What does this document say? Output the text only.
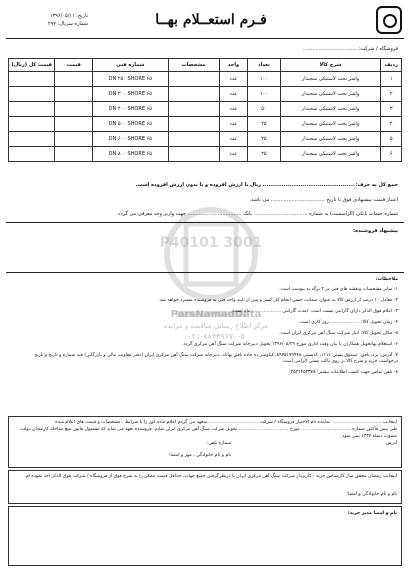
تاریخ: ۱۳۹۶/۰۵/۱۱
شماره سریال: ۲۹۷	فـرم استعــلام بهــا
فروشگاه / شرکت: ..................................
ردیف	شرح کالا	تعداد	واحد	مشخصات	شماره فنی	قیمت	قیمت کل (ریال)
۱	واشر تخت لاستیکی منجیدار	۱۰۰	عدد		DN ۲۵۰ SHORE ۶۵		
۲	واشر تخت لاستیکی منجیدار	۱۰۰	عدد		DN ۳۰۰ SHORE ۶۵		
۳	واشر تخت لاستیکی منجیدار	۵۰	عدد		DN ۴۰۰ SHORE ۶۵		
۴	واشر تخت لاستیکی منجیدار	۲۵	عدد		DN ۵۰۰ SHORE ۶۵		
۵	واشر تخت لاستیکی منجیدار	۲۵	عدد		DN ۶۰۰ SHORE ۶۵		
۶	واشر تخت لاستیکی منجیدار	۲۵	عدد		DN ۸۰۰ SHORE ۶۵		
جمع کل به حرف: ................................................ ریال با ارزش افزوده و یا بدون ارزش افزوده است.
اعتبار قیمت پیشنهادی فوق تا تاریخ .................................. می باشد.
شماره حساب بانکی (الزامیست) به شماره .................................. بانک .................................. جهت واریز وجه معرفی می گردد.
پیشنهاد فروشنده:
P40101 3001
ParsNamadData
مرکز اطلاع رسانی مناقصه و مزایده
۰۲۱-۸۸۳۴۹۶۷۰-۵
ملاحظات:
۱- سایر مشخصات ونقشه های فنی در ۲ برگه به پیوست است.
۲- معادل ۱۰ درصد از ارزش کالا به عنوان ضمانت حسن انجام کار کسر و پس از تایید واحد فنی به فروشنده مسترد خواهد شد.
۳- اعلام فوق الذکر دارای گارانتی نیست است. /مدت گارانتی .................... ماه است.
۴- زمان تحویل کالا: .................... روز کاری است.
۵- مکان تحویل کالا: انبار شرکت سنگ آهن مرکزی ایران است.
۶- استعلام بهاتحویل همکاران با بیان وقت اداری مورخ ۱۳۹۶/۰۵/۲۹ تحویل دبیرخانه شرکت سنگ آهن مرکزی گردد.
۷- آدرس: یزد، بافق، صندوق پستی ۱۱۱۱، کدپستی ۸۹۷۵۱۷۹۹۴۸، کیلومتر ده جاده بافق بهاباد، دبیرخانه شرکت سنگ آهن مرکزی ایران (دفتر معاونت مالی و بازرگانی) قید شماره و تاریخ و تاریخ درخواست خرید و شرح کالا بر روی یاکت پستی الزامی است.
۸- تلفن تماس جهت کسب اطلاعات بیشتر: ۰۳۵۳۱۴۵۳۳۷۸
اینجانب .................................. نماینده تام الاختیار فروشگاه / شرکت .................................. متعهد می گردم اعلام ماده کور را با شرایط ، مشخصات و قیمت های اعلام شده
طی پیش فاکتور شماره .................................. مورخ .................................. تحویل شرکت سنگ آهن مرکزی ایران نمایم. فروشنده تعهد می نماید که مشمول قانون منع مداخله کارمندان دولت
مصوب دیماه ۱۳۳۷ نمی شود.
آدرس:
شماره تلفن:
نام و نام خانوادگی ، مهر و امضا:
اینجانب رمضان محقق ساز کارشناس خرید - کارپرداز شرکت سنگ آهن مرکزی ایران با درنظرگرفتن جمیع جهات، حداقل قیمت ممکن را به شرح فوق از فروشگاه / شرکت فوق الذکر اخذ نموده ام.
نام و نام خانوادگی و امضا:
نام و امضا مدیر خرید:
